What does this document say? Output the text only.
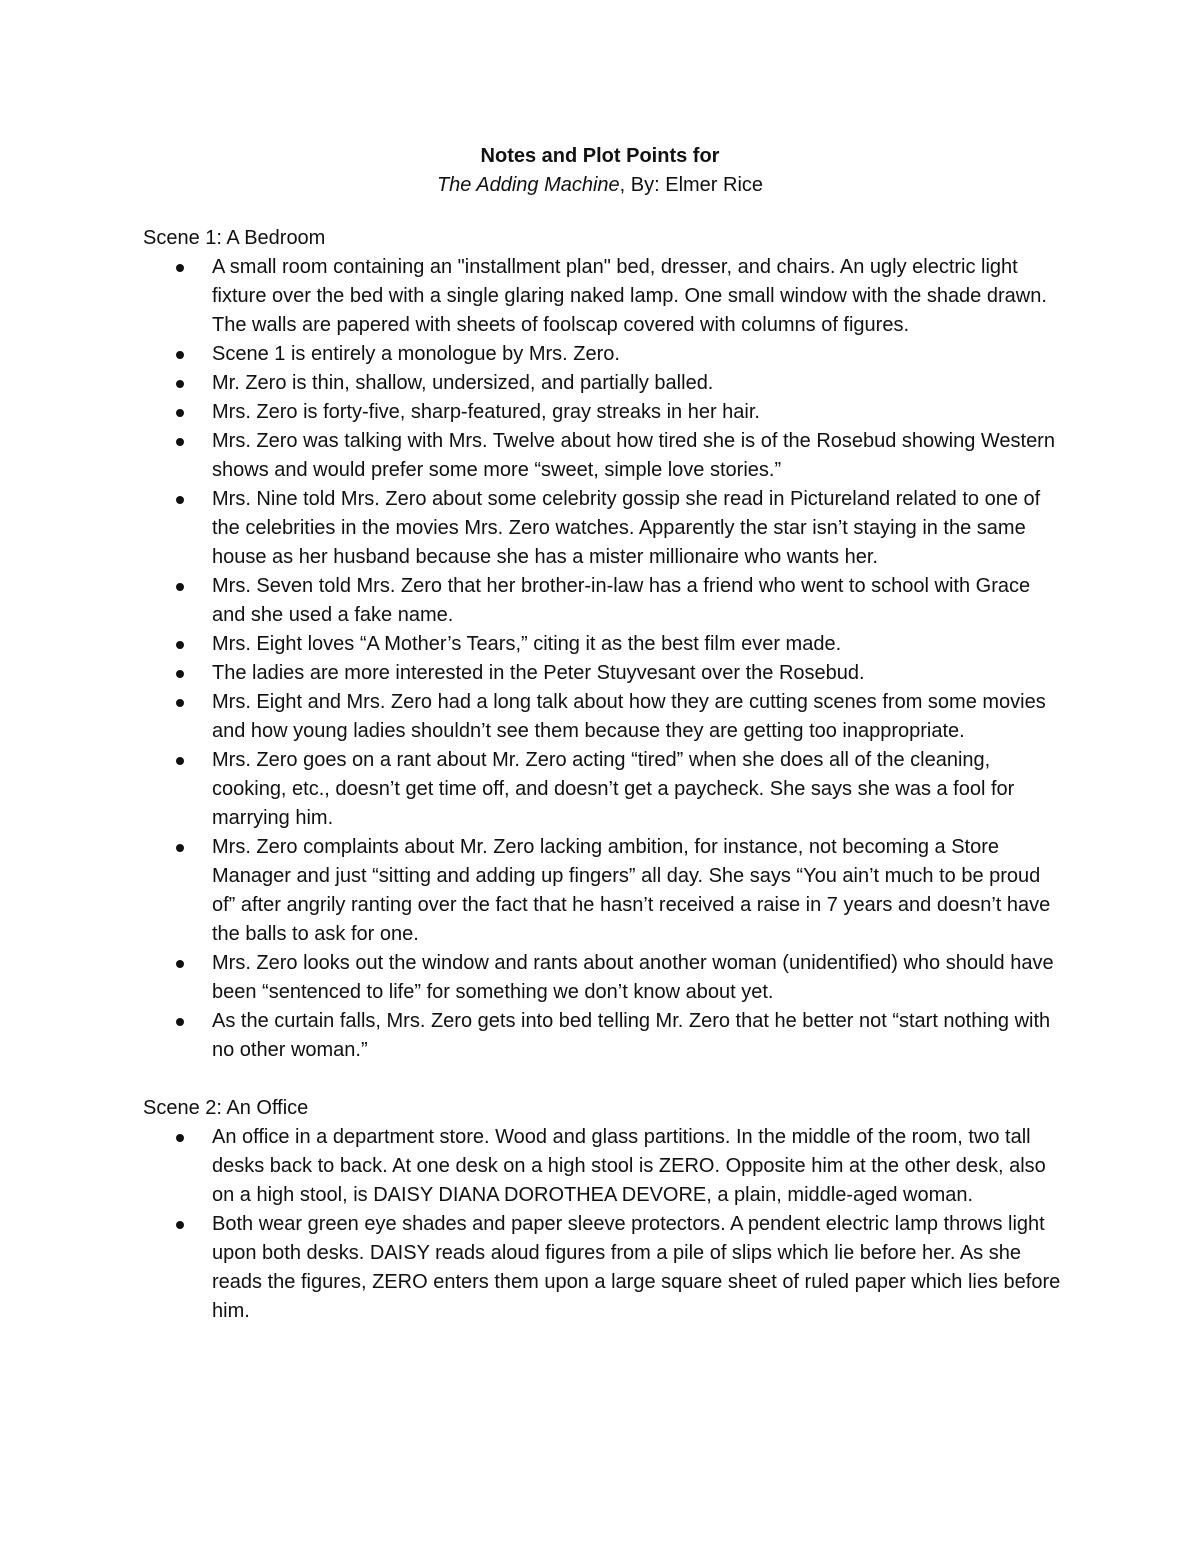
Notes and Plot Points for
The Adding Machine, By: Elmer Rice
Scene 1: A Bedroom
A small room containing an "installment plan" bed, dresser, and chairs. An ugly electric light fixture over the bed with a single glaring naked lamp. One small window with the shade drawn. The walls are papered with sheets of foolscap covered with columns of figures.
Scene 1 is entirely a monologue by Mrs. Zero.
Mr. Zero is thin, shallow, undersized, and partially balled.
Mrs. Zero is forty-five, sharp-featured, gray streaks in her hair.
Mrs. Zero was talking with Mrs. Twelve about how tired she is of the Rosebud showing Western shows and would prefer some more “sweet, simple love stories.”
Mrs. Nine told Mrs. Zero about some celebrity gossip she read in Pictureland related to one of the celebrities in the movies Mrs. Zero watches. Apparently the star isn’t staying in the same house as her husband because she has a mister millionaire who wants her.
Mrs. Seven told Mrs. Zero that her brother-in-law has a friend who went to school with Grace and she used a fake name.
Mrs. Eight loves “A Mother’s Tears,” citing it as the best film ever made.
The ladies are more interested in the Peter Stuyvesant over the Rosebud.
Mrs. Eight and Mrs. Zero had a long talk about how they are cutting scenes from some movies and how young ladies shouldn’t see them because they are getting too inappropriate.
Mrs. Zero goes on a rant about Mr. Zero acting “tired” when she does all of the cleaning, cooking, etc., doesn’t get time off, and doesn’t get a paycheck. She says she was a fool for marrying him.
Mrs. Zero complaints about Mr. Zero lacking ambition, for instance, not becoming a Store Manager and just “sitting and adding up fingers” all day. She says “You ain’t much to be proud of” after angrily ranting over the fact that he hasn’t received a raise in 7 years and doesn’t have the balls to ask for one.
Mrs. Zero looks out the window and rants about another woman (unidentified) who should have been “sentenced to life” for something we don’t know about yet.
As the curtain falls, Mrs. Zero gets into bed telling Mr. Zero that he better not “start nothing with no other woman.”
Scene 2: An Office
An office in a department store. Wood and glass partitions. In the middle of the room, two tall desks back to back. At one desk on a high stool is ZERO. Opposite him at the other desk, also on a high stool, is DAISY DIANA DOROTHEA DEVORE, a plain, middle-aged woman.
Both wear green eye shades and paper sleeve protectors. A pendent electric lamp throws light upon both desks. DAISY reads aloud figures from a pile of slips which lie before her. As she reads the figures, ZERO enters them upon a large square sheet of ruled paper which lies before him.
